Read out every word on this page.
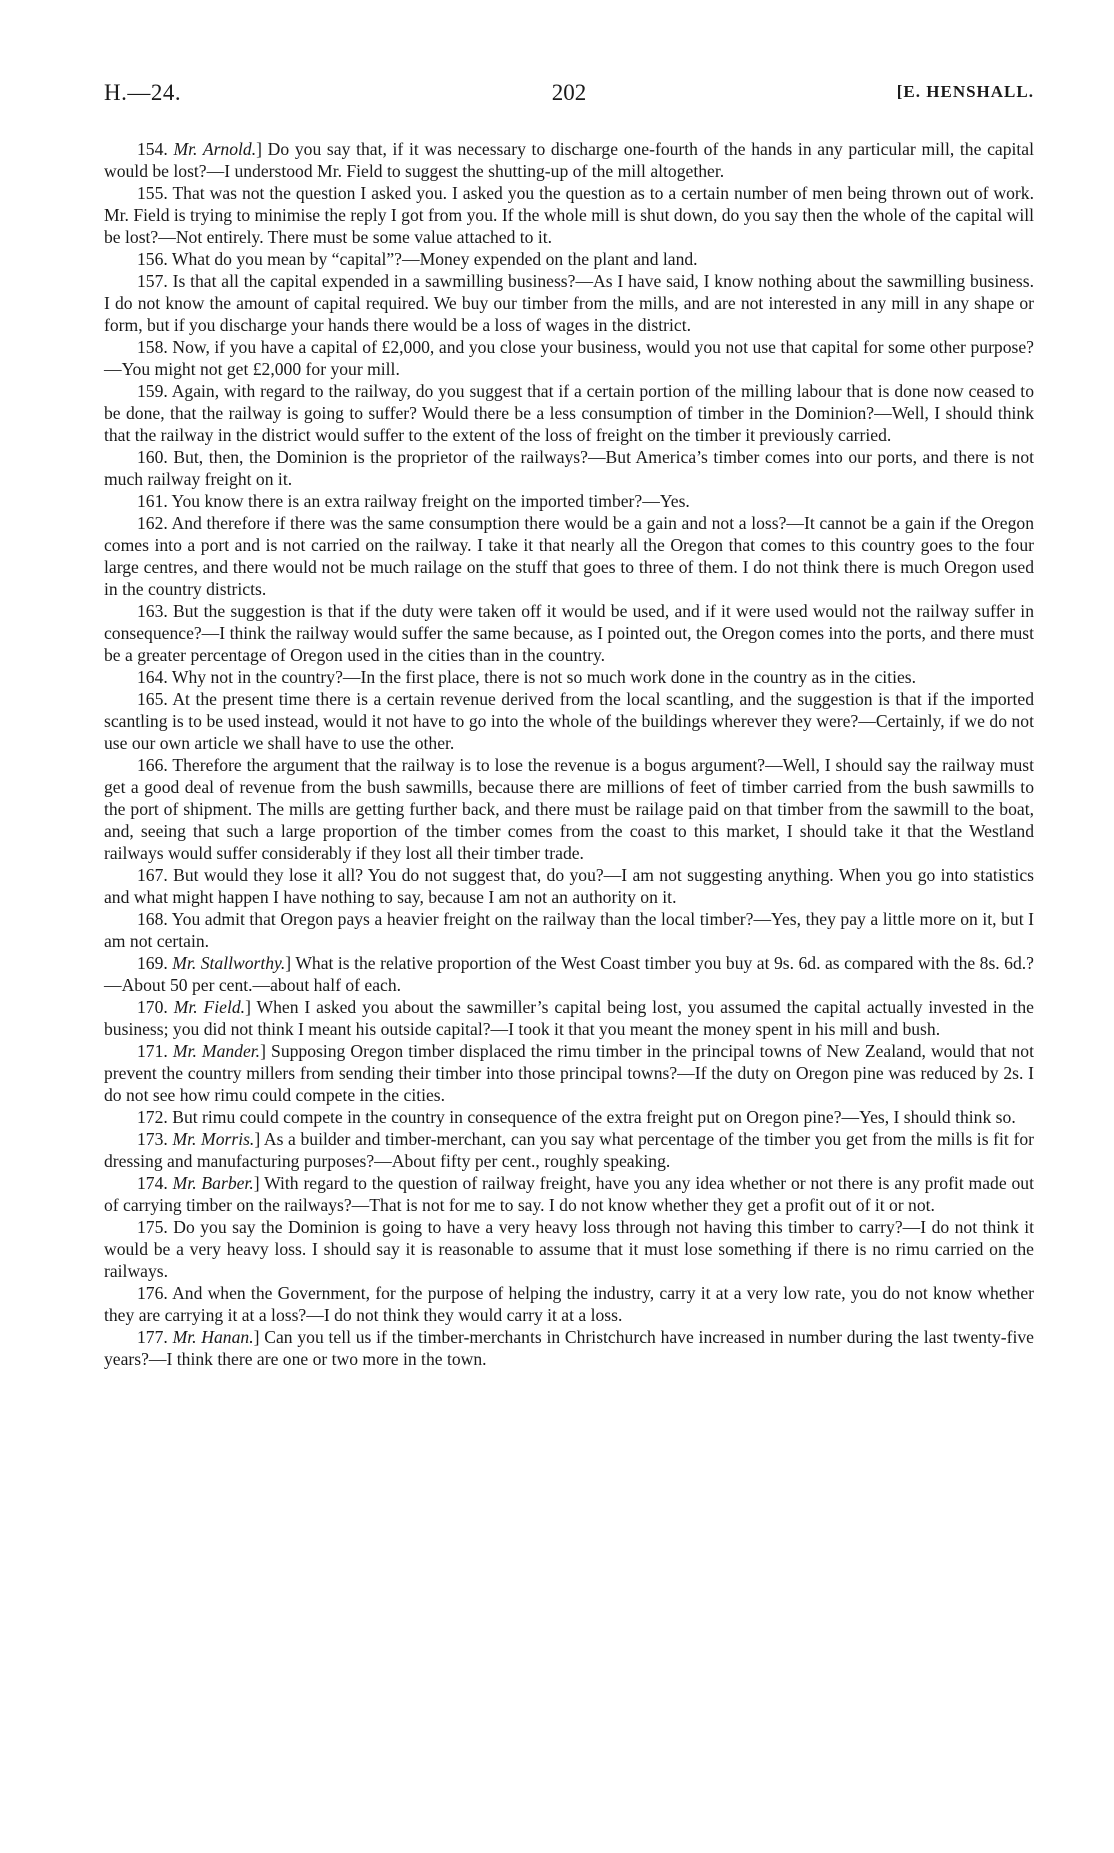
H.—24.	202	[E. HENSHALL.

154. Mr. Arnold.] Do you say that, if it was necessary to discharge one-fourth of the hands in any particular mill, the capital would be lost?—I understood Mr. Field to suggest the shutting-up of the mill altogether.

155. That was not the question I asked you. I asked you the question as to a certain number of men being thrown out of work. Mr. Field is trying to minimise the reply I got from you. If the whole mill is shut down, do you say then the whole of the capital will be lost?—Not entirely. There must be some value attached to it.

156. What do you mean by “capital”?—Money expended on the plant and land.

157. Is that all the capital expended in a sawmilling business?—As I have said, I know nothing about the sawmilling business. I do not know the amount of capital required. We buy our timber from the mills, and are not interested in any mill in any shape or form, but if you discharge your hands there would be a loss of wages in the district.

158. Now, if you have a capital of £2,000, and you close your business, would you not use that capital for some other purpose?—You might not get £2,000 for your mill.

159. Again, with regard to the railway, do you suggest that if a certain portion of the milling labour that is done now ceased to be done, that the railway is going to suffer? Would there be a less consumption of timber in the Dominion?—Well, I should think that the railway in the district would suffer to the extent of the loss of freight on the timber it previously carried.

160. But, then, the Dominion is the proprietor of the railways?—But America’s timber comes into our ports, and there is not much railway freight on it.

161. You know there is an extra railway freight on the imported timber?—Yes.

162. And therefore if there was the same consumption there would be a gain and not a loss?—It cannot be a gain if the Oregon comes into a port and is not carried on the railway. I take it that nearly all the Oregon that comes to this country goes to the four large centres, and there would not be much railage on the stuff that goes to three of them. I do not think there is much Oregon used in the country districts.

163. But the suggestion is that if the duty were taken off it would be used, and if it were used would not the railway suffer in consequence?—I think the railway would suffer the same because, as I pointed out, the Oregon comes into the ports, and there must be a greater percentage of Oregon used in the cities than in the country.

164. Why not in the country?—In the first place, there is not so much work done in the country as in the cities.

165. At the present time there is a certain revenue derived from the local scantling, and the suggestion is that if the imported scantling is to be used instead, would it not have to go into the whole of the buildings wherever they were?—Certainly, if we do not use our own article we shall have to use the other.

166. Therefore the argument that the railway is to lose the revenue is a bogus argument?—Well, I should say the railway must get a good deal of revenue from the bush sawmills, because there are millions of feet of timber carried from the bush sawmills to the port of shipment. The mills are getting further back, and there must be railage paid on that timber from the sawmill to the boat, and, seeing that such a large proportion of the timber comes from the coast to this market, I should take it that the Westland railways would suffer considerably if they lost all their timber trade.

167. But would they lose it all? You do not suggest that, do you?—I am not suggesting anything. When you go into statistics and what might happen I have nothing to say, because I am not an authority on it.

168. You admit that Oregon pays a heavier freight on the railway than the local timber?—Yes, they pay a little more on it, but I am not certain.

169. Mr. Stallworthy.] What is the relative proportion of the West Coast timber you buy at 9s. 6d. as compared with the 8s. 6d.?—About 50 per cent.—about half of each.

170. Mr. Field.] When I asked you about the sawmiller’s capital being lost, you assumed the capital actually invested in the business; you did not think I meant his outside capital?—I took it that you meant the money spent in his mill and bush.

171. Mr. Mander.] Supposing Oregon timber displaced the rimu timber in the principal towns of New Zealand, would that not prevent the country millers from sending their timber into those principal towns?—If the duty on Oregon pine was reduced by 2s. I do not see how rimu could compete in the cities.

172. But rimu could compete in the country in consequence of the extra freight put on Oregon pine?—Yes, I should think so.

173. Mr. Morris.] As a builder and timber-merchant, can you say what percentage of the timber you get from the mills is fit for dressing and manufacturing purposes?—About fifty per cent., roughly speaking.

174. Mr. Barber.] With regard to the question of railway freight, have you any idea whether or not there is any profit made out of carrying timber on the railways?—That is not for me to say. I do not know whether they get a profit out of it or not.

175. Do you say the Dominion is going to have a very heavy loss through not having this timber to carry?—I do not think it would be a very heavy loss. I should say it is reasonable to assume that it must lose something if there is no rimu carried on the railways.

176. And when the Government, for the purpose of helping the industry, carry it at a very low rate, you do not know whether they are carrying it at a loss?—I do not think they would carry it at a loss.

177. Mr. Hanan.] Can you tell us if the timber-merchants in Christchurch have increased in number during the last twenty-five years?—I think there are one or two more in the town.
